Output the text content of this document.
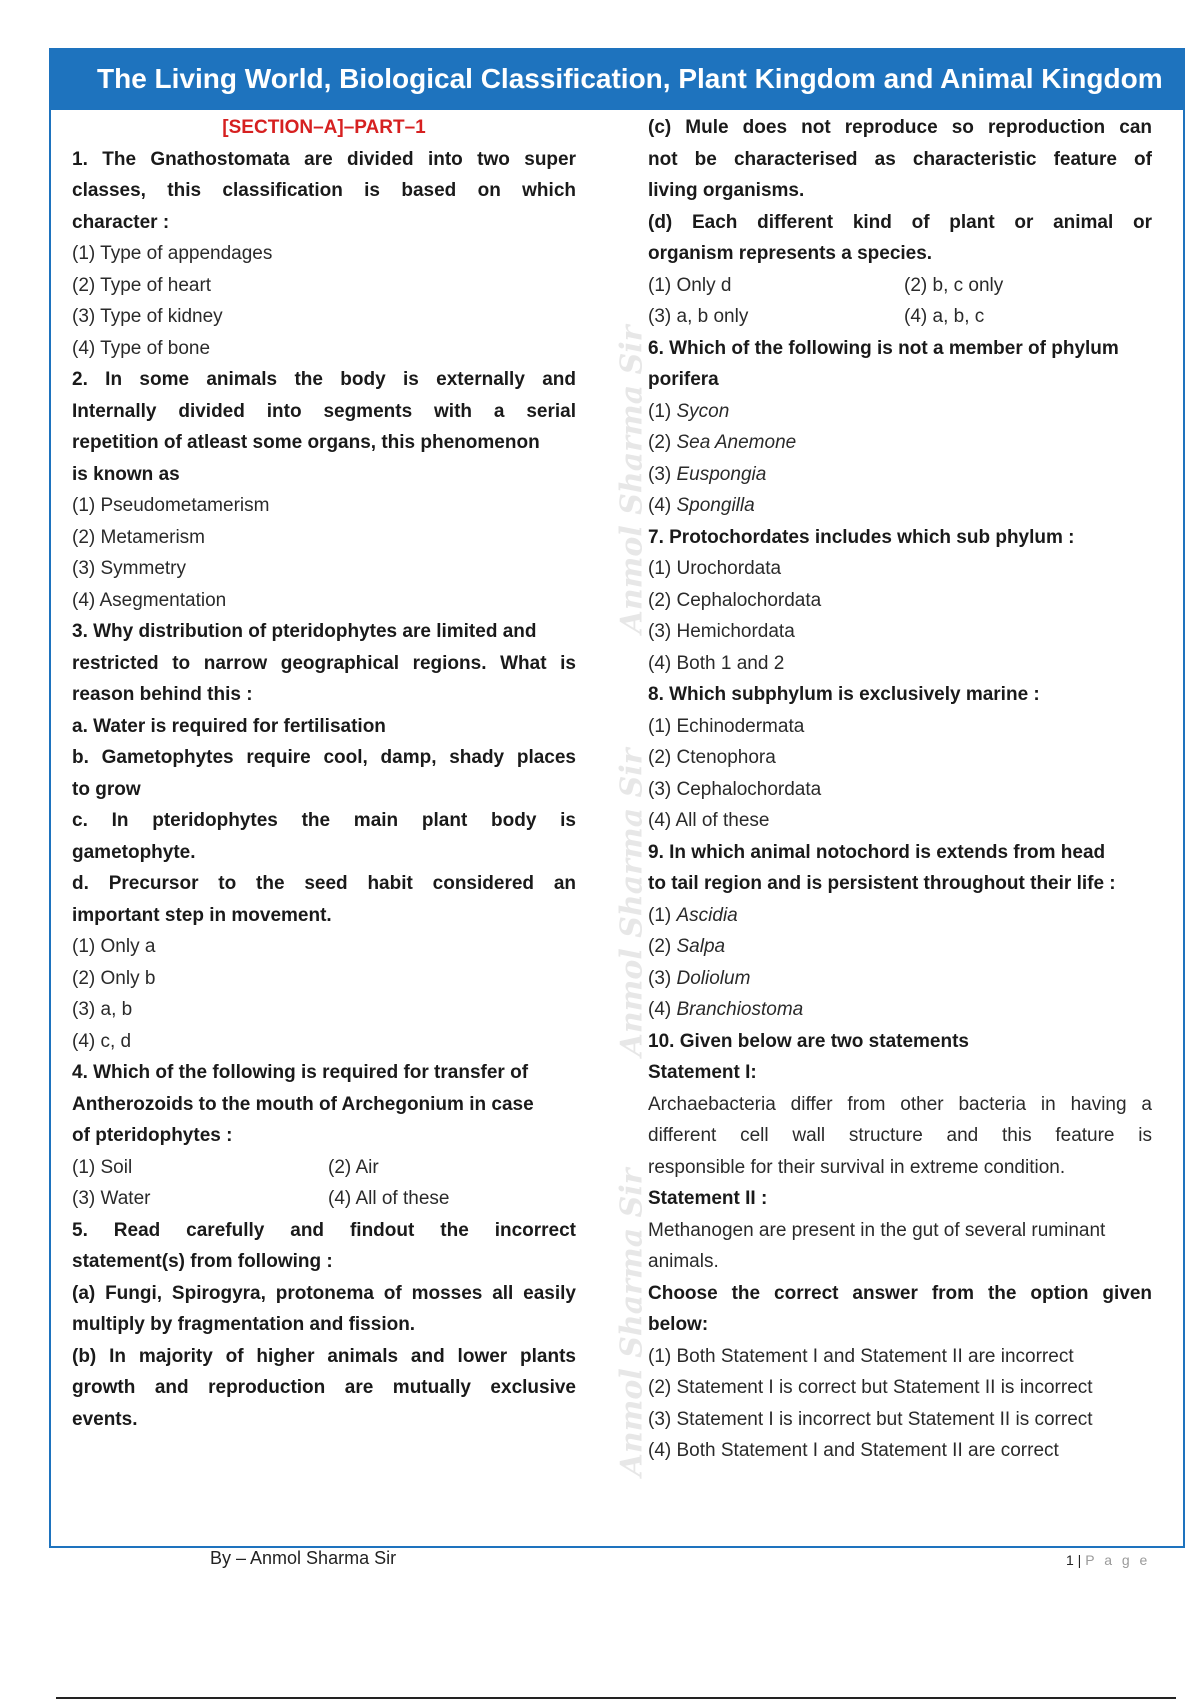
The Living World, Biological Classification, Plant Kingdom and Animal Kingdom
Anmol Sharma Sir
Anmol Sharma Sir
Anmol Sharma Sir

[SECTION–A]–PART–1

1. The Gnathostomata are divided into two super

classes, this classification is based on which

character :

(1) Type of appendages

(2) Type of heart

(3) Type of kidney

(4) Type of bone

2. In some animals the body is externally and

Internally divided into segments with a serial

repetition of atleast some organs, this phenomenon

is known as

(1) Pseudometamerism

(2) Metamerism

(3) Symmetry

(4) Asegmentation

3. Why distribution of pteridophytes are limited and

restricted to narrow geographical regions. What is

reason behind this :

a. Water is required for fertilisation

b. Gametophytes require cool, damp, shady places

to grow

c. In pteridophytes the main plant body is

gametophyte.

d. Precursor to the seed habit considered an

important step in movement.

(1) Only a

(2) Only b

(3) a, b

(4) c, d

4. Which of the following is required for transfer of

Antherozoids to the mouth of Archegonium in case

of pteridophytes :

(1) Soil	(2) Air
(3) Water	(4) All of these

5. Read carefully and findout the incorrect

statement(s) from following :

(a) Fungi, Spirogyra, protonema of mosses all easily

multiply by fragmentation and fission.

(b) In majority of higher animals and lower plants

growth and reproduction are mutually exclusive

events.

(c) Mule does not reproduce so reproduction can

not be characterised as characteristic feature of

living organisms.

(d) Each different kind of plant or animal or

organism represents a species.

(1) Only d	(2) b, c only
(3) a, b only	(4) a, b, c

6. Which of the following is not a member of phylum

porifera

(1) Sycon

(2) Sea Anemone

(3) Euspongia

(4) Spongilla

7. Protochordates includes which sub phylum :

(1) Urochordata

(2) Cephalochordata

(3) Hemichordata

(4) Both 1 and 2

8. Which subphylum is exclusively marine :

(1) Echinodermata

(2) Ctenophora

(3) Cephalochordata

(4) All of these

9. In which animal notochord is extends from head

to tail region and is persistent throughout their life :

(1) Ascidia

(2) Salpa

(3) Doliolum

(4) Branchiostoma

10. Given below are two statements

Statement I:

Archaebacteria differ from other bacteria in having a

different cell wall structure and this feature is

responsible for their survival in extreme condition.

Statement II :

Methanogen are present in the gut of several ruminant

animals.

Choose the correct answer from the option given

below:

(1) Both Statement I and Statement II are incorrect

(2) Statement I is correct but Statement II is incorrect

(3) Statement I is incorrect but Statement II is correct

(4) Both Statement I and Statement II are correct

By – Anmol Sharma Sir	1 | P a g e
